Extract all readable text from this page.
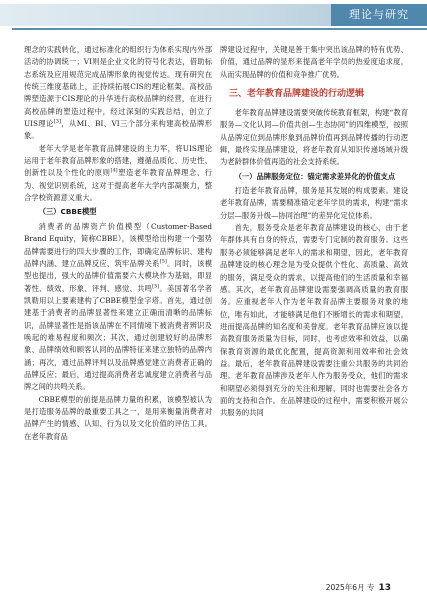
理论与研究

理念的实践转化，通过标准化的组织行为体系实现内外部活动的协调统一；VI则是企业文化的符号化表达，借助标志系统及应用规范完成品牌形象的视觉传达。现有研究在传统三维度基础上，正持续拓展CIS的理论框架。高校品牌塑造源于CIS理论的升华进行高校品牌的经营，在进行高校品牌的塑造过程中，经过深刻的实践总结，创立了UIS理论[3]，从MI、BI、VI三个部分来构建高校品牌形象。

老年大学是老年教育品牌建设的主力军，将UIS理论运用于老年教育品牌形象的搭建，遵循品质化、历史性、创新性以及个性化的原则[4]塑造老年教育品牌理念、行为、视觉识别系统，这对于提高老年大学内部凝聚力，整合学校资源意义重大。

（三）CBBE模型

消费者的品牌资产价值模型（Customer-Based Brand Equity，简称CBBE），该模型给出构建一个强势品牌需要进行的四大步骤的工作，即确定品牌标识、建构品牌内涵、建立品牌反应、筑牢品牌关系[5]。同时，该模型也提出，强大的品牌价值需要六大模块作为基础，即显著性、绩效、形象、评判、感觉、共鸣[5]。美国著名学者凯勒用以上要素建构了CBBE模型金字塔。首先，通过创建基于消费者的品牌显著性来建立正确而清晰的品牌标识，品牌显著性是指该品牌在不同情境下被消费者辨识及唤起的难易程度和频次；其次，通过创建较好的品牌形象、品牌绩效和顾客认同的品牌特征来建立独特的品牌内涵；再次，通过品牌评判以及品牌感觉建立消费者正确的品牌反应；最后，通过提高消费者忠诚度建立消费者与品牌之间的共鸣关系。

CBBE模型的前提是品牌力量的积累，该模型被认为是打造服务品牌的最重要工具之一，是用来衡量消费者对品牌产生的情感、认知、行为以及文化价值的评估工具。在老年教育品

牌建设过程中，关键是善于集中突出该品牌的特有优势、价值，通过品牌的显形来提高老年学员的热爱度追求度，从而实现品牌的价值和竞争推广优势。

三、老年教育品牌建设的行动逻辑

老年教育品牌建设需要突破传统教育框架，构建“教育服务—文化认同—价值共创—生态协同”的四维模型，按照从品牌定位到品牌形象到品牌价值再到品牌传播的行动逻辑，最终实现品牌建设，将老年教育从知识传递场域升级为老龄群体价值再造的社会支持系统。

（一）品牌服务定位：锚定需求差异化的价值支点

打造老年教育品牌，服务是其发展的构成要素。建设老年教育品牌，需要精准锚定老年学员的需求，构建“需求分层—服务升级—协同治理”的差异化定位体系。

首先，服务受众是老年教育品牌建设的核心，由于老年群体具有自身的特点，需要专门定制的教育服务。这些服务必须能够满足老年人的需求和期望，因此，老年教育品牌建设的核心理念是为受众提供个性化、高质量、高效的服务，满足受众的需求，以提高他们的生活质量和幸福感。其次，老年教育品牌建设需要强调高质量的教育服务。应重视老年人作为老年教育品牌主要服务对象的地位，唯有如此，才能够满足他们不断增长的需求和期望，进而提高品牌的知名度和美誉度。老年教育品牌应该以提高教育服务质量为目标，同时，也考虑效率和效益，以确保教育资源的最优化配置，提高资源利用效率和社会效益。最后，老年教育品牌建设需要注重公共服务的共同治理。老年教育品牌涉及老年人作为服务受众，他们的需求和期望必须得到充分的关注和理解，同时也需要社会各方面的支持和合作。在品牌建设的过程中，需要积极开展公共服务的共同

2025年6月 专 13
